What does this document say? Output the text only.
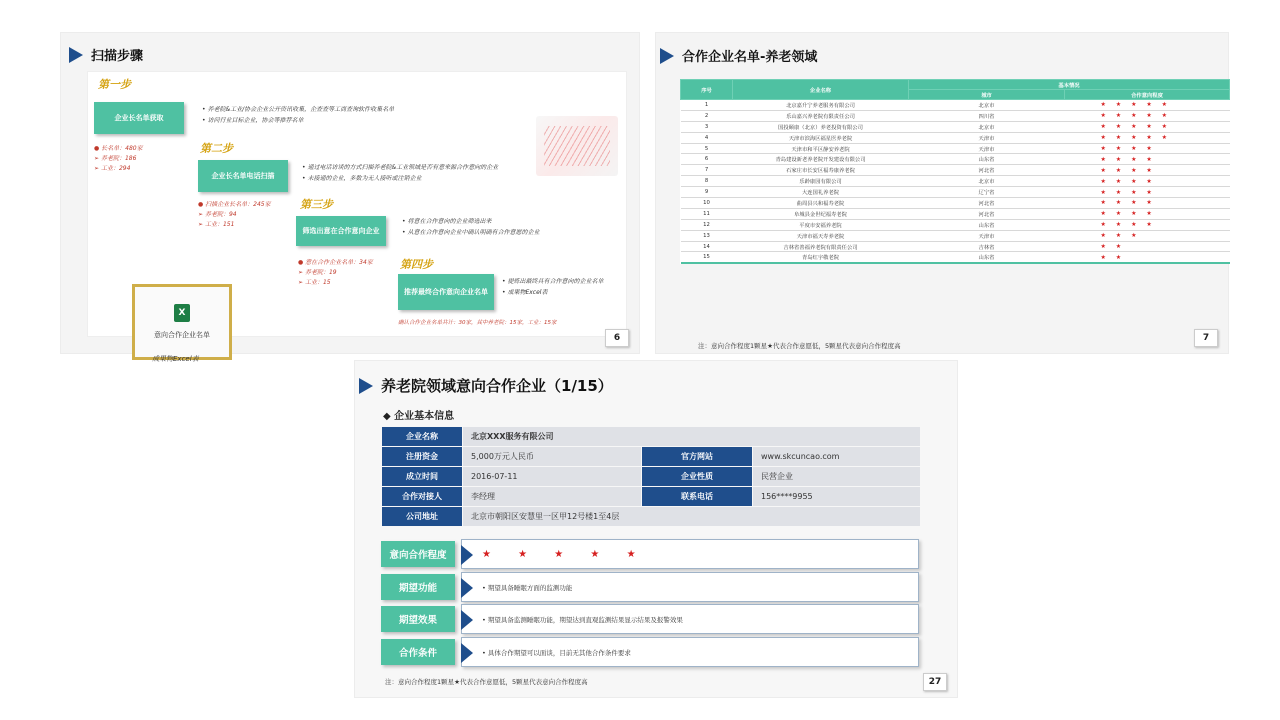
扫描步骤
第一步
企业长名单获取
• 养老院&工业/协会企业公开资讯收集，企查查等工商查询软件收集名单
• 访问行业目标企业，协会等推荐名单
● 长名单：480家
➢ 养老院：186
➢ 工业：294
第二步
企业长名单电话扫描
• 通过电话访谈的方式扫描养老院&工业领域是否有意来源合作意向的企业
• 未接通的企业，多数为无人接听或注销企业
● 扫描企业长名单：245家
➢ 养老院：94
➢ 工业：151
第三步
筛选出意在合作意向企业
• 将意在合作意向的企业筛选出来
• 从意在合作意向企业中确认明确有合作意愿的企业
● 意在合作企业名单：34家
➢ 养老院：19
➢ 工业：15
第四步
推荐最终合作意向企业名单
• 提炼出最终具有合作意向的企业名单
• 成果物Excel表
确认合作企业名单共计：30家，其中养老院：15家，工业：15家
X
意向合作企业名单
成果物Excel表
6
合作企业名单-养老领域
序号	企业名称	基本情况	
		城市	合作意向程度
1	北京嘉升宁养老服务有限公司	北京市	★ ★ ★ ★ ★
2	乐山嘉兴养老院有限责任公司	四川省	★ ★ ★ ★ ★
3	国投颐康（北京）养老投资有限公司	北京市	★ ★ ★ ★ ★
4	天津市滨海区福星医养老院	天津市	★ ★ ★ ★ ★
5	天津市和平区静安养老院	天津市	★ ★ ★ ★
6	青岛建设新老养老院开发建设有限公司	山东省	★ ★ ★ ★
7	石家庄市长安区福寿康养老院	河北省	★ ★ ★ ★
8	乐龄康园有限公司	北京市	★ ★ ★ ★
9	大连国礼养老院	辽宁省	★ ★ ★ ★
10	曲周县兴和福寿老院	河北省	★ ★ ★ ★
11	阜城县金世纪福寿老院	河北省	★ ★ ★ ★
12	平度市安福养老院	山东省	★ ★ ★ ★
13	天津市福天寿养老院	天津市	★ ★ ★
14	吉林省善福养老院有限责任公司	吉林省	★ ★
15	青岛红宇敬老院	山东省	★ ★
注：意向合作程度1颗星★代表合作意愿低，5颗星代表意向合作程度高
7
养老院领域意向合作企业（1/15）
◆ 企业基本信息
企业名称	北京XXX服务有限公司		
注册资金	5,000万元人民币	官方网站	www.skcuncao.com
成立时间	2016-07-11	企业性质	民营企业
合作对接人	李经理	联系电话	156****9955
公司地址	北京市朝阳区安慧里一区甲12号楼1至4层		
意向合作程度	★ ★ ★ ★ ★
期望功能	• 期望具备睡眠方面的监测功能
期望效果	• 期望具备监测睡眠功能，期望达到直观监测结果显示结果及报警效果
合作条件	• 具体合作期望可以面谈，目前无其他合作条件要求
注：意向合作程度1颗星★代表合作意愿低，5颗星代表意向合作程度高	27
